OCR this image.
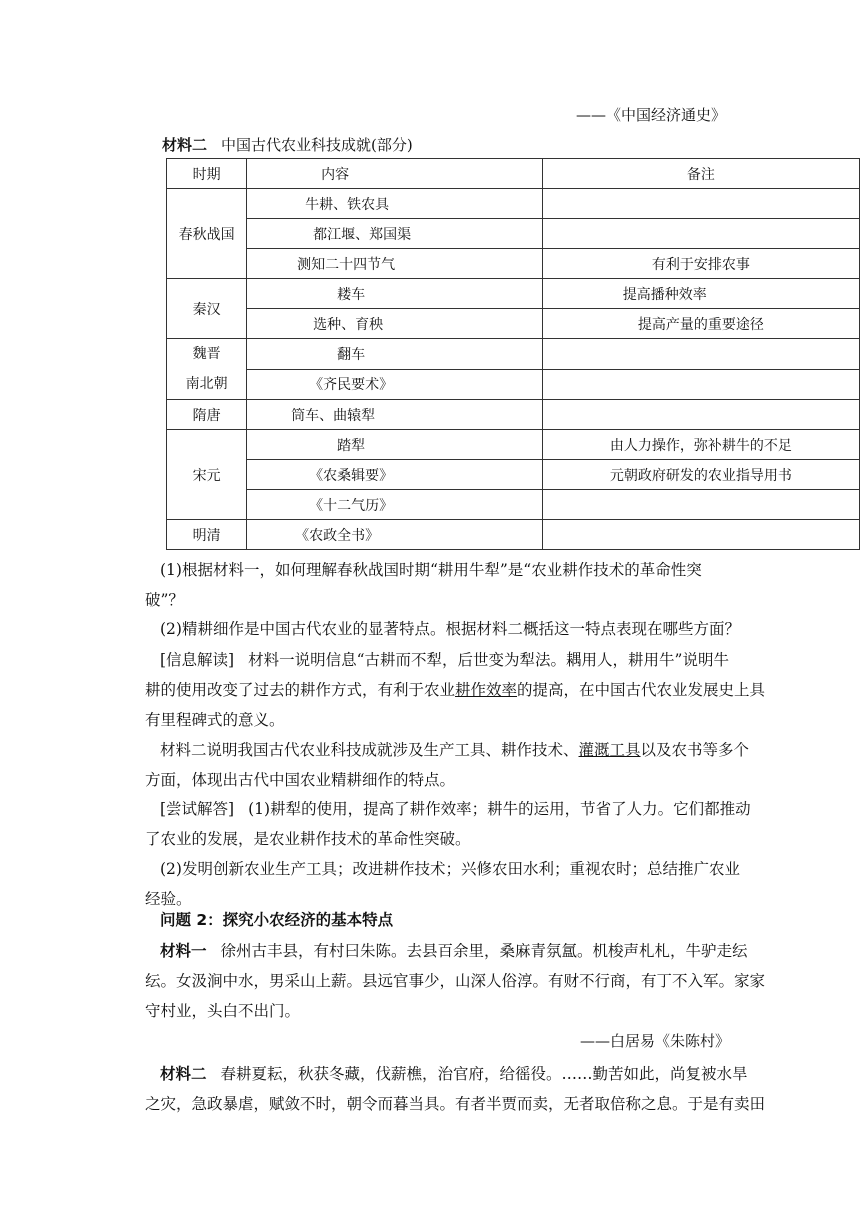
——《中国经济通史》
材料二 中国古代农业科技成就(部分)
时期	内容	备注
春秋战国	牛耕、铁农具	
	都江堰、郑国渠	
	测知二十四节气	有利于安排农事
秦汉	耧车	提高播种效率
	选种、育秧	提高产量的重要途径

魏晋
南北朝	翻车	
	《齐民要术》	
隋唐	筒车、曲辕犁	
宋元	踏犁	由人力操作，弥补耕牛的不足
	《农桑辑要》	元朝政府研发的农业指导用书
	《十二气历》	
明清	《农政全书》	
(1)根据材料一，如何理解春秋战国时期“耕用牛犁”是“农业耕作技术的革命性突
破”？
(2)精耕细作是中国古代农业的显著特点。根据材料二概括这一特点表现在哪些方面？
[信息解读] 材料一说明信息“古耕而不犁，后世变为犁法。耦用人，耕用牛”说明牛
耕的使用改变了过去的耕作方式，有利于农业耕作效率的提高，在中国古代农业发展史上具
有里程碑式的意义。
材料二说明我国古代农业科技成就涉及生产工具、耕作技术、灌溉工具以及农书等多个
方面，体现出古代中国农业精耕细作的特点。
[尝试解答] (1)耕犁的使用，提高了耕作效率；耕牛的运用，节省了人力。它们都推动
了农业的发展，是农业耕作技术的革命性突破。
(2)发明创新农业生产工具；改进耕作技术；兴修农田水利；重视农时；总结推广农业
经验。
问题 2：探究小农经济的基本特点
材料一 徐州古丰县，有村曰朱陈。去县百余里，桑麻青氛氲。机梭声札札，牛驴走纭
纭。女汲涧中水，男采山上薪。县远官事少，山深人俗淳。有财不行商，有丁不入军。家家
守村业，头白不出门。
——白居易《朱陈村》
材料二 春耕夏耘，秋获冬藏，伐薪樵，治官府，给徭役。……勤苦如此，尚复被水旱
之灾，急政暴虐，赋敛不时，朝令而暮当具。有者半贾而卖，无者取倍称之息。于是有卖田
